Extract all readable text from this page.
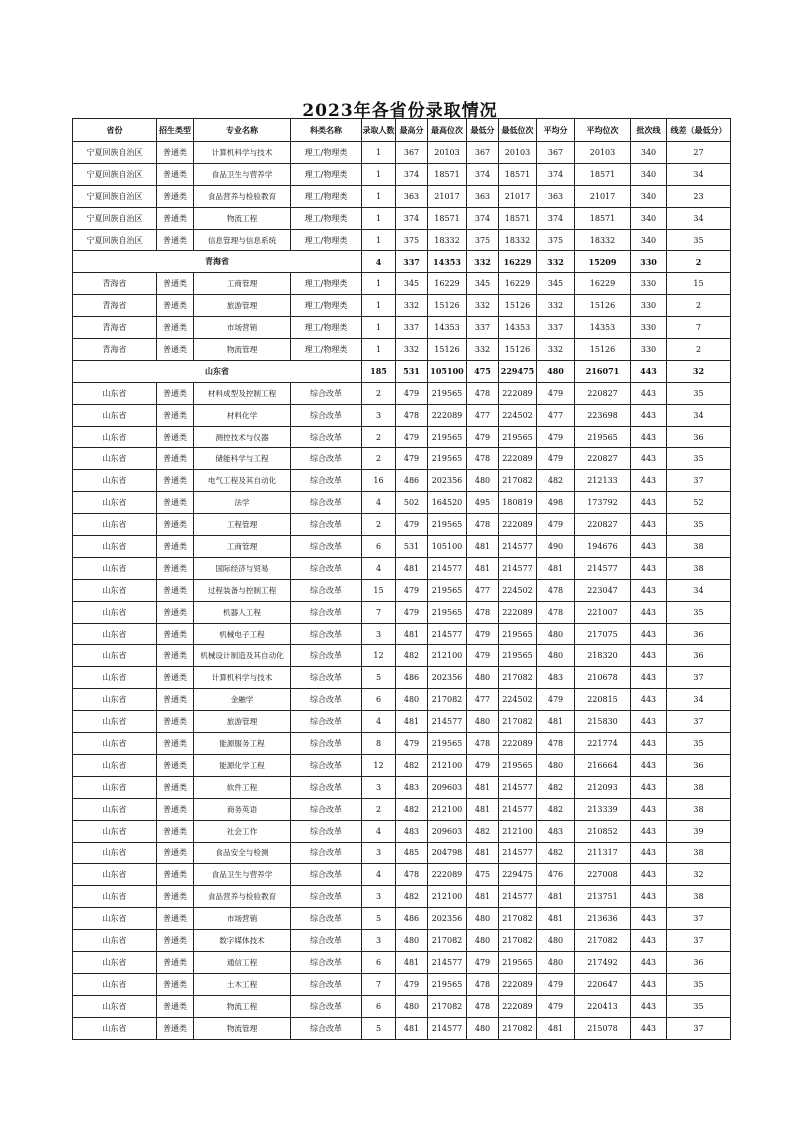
2023年各省份录取情况
省份	招生类型	专业名称	科类名称	录取人数	最高分	最高位次	最低分	最低位次	平均分	平均位次	批次线	线差（最低分）
宁夏回族自治区	普通类	计算机科学与技术	理工/物理类	1	367	20103	367	20103	367	20103	340	27
宁夏回族自治区	普通类	食品卫生与营养学	理工/物理类	1	374	18571	374	18571	374	18571	340	34
宁夏回族自治区	普通类	食品营养与检验教育	理工/物理类	1	363	21017	363	21017	363	21017	340	23
宁夏回族自治区	普通类	物流工程	理工/物理类	1	374	18571	374	18571	374	18571	340	34
宁夏回族自治区	普通类	信息管理与信息系统	理工/物理类	1	375	18332	375	18332	375	18332	340	35
青海省				4	337	14353	332	16229	332	15209	330	2
青海省	普通类	工商管理	理工/物理类	1	345	16229	345	16229	345	16229	330	15
青海省	普通类	旅游管理	理工/物理类	1	332	15126	332	15126	332	15126	330	2
青海省	普通类	市场营销	理工/物理类	1	337	14353	337	14353	337	14353	330	7
青海省	普通类	物流管理	理工/物理类	1	332	15126	332	15126	332	15126	330	2
山东省				185	531	105100	475	229475	480	216071	443	32
山东省	普通类	材料成型及控制工程	综合改革	2	479	219565	478	222089	479	220827	443	35
山东省	普通类	材料化学	综合改革	3	478	222089	477	224502	477	223698	443	34
山东省	普通类	测控技术与仪器	综合改革	2	479	219565	479	219565	479	219565	443	36
山东省	普通类	储能科学与工程	综合改革	2	479	219565	478	222089	479	220827	443	35
山东省	普通类	电气工程及其自动化	综合改革	16	486	202356	480	217082	482	212133	443	37
山东省	普通类	法学	综合改革	4	502	164520	495	180819	498	173792	443	52
山东省	普通类	工程管理	综合改革	2	479	219565	478	222089	479	220827	443	35
山东省	普通类	工商管理	综合改革	6	531	105100	481	214577	490	194676	443	38
山东省	普通类	国际经济与贸易	综合改革	4	481	214577	481	214577	481	214577	443	38
山东省	普通类	过程装备与控制工程	综合改革	15	479	219565	477	224502	478	223047	443	34
山东省	普通类	机器人工程	综合改革	7	479	219565	478	222089	478	221007	443	35
山东省	普通类	机械电子工程	综合改革	3	481	214577	479	219565	480	217075	443	36
山东省	普通类	机械设计制造及其自动化	综合改革	12	482	212100	479	219565	480	218320	443	36
山东省	普通类	计算机科学与技术	综合改革	5	486	202356	480	217082	483	210678	443	37
山东省	普通类	金融学	综合改革	6	480	217082	477	224502	479	220815	443	34
山东省	普通类	旅游管理	综合改革	4	481	214577	480	217082	481	215830	443	37
山东省	普通类	能源服务工程	综合改革	8	479	219565	478	222089	478	221774	443	35
山东省	普通类	能源化学工程	综合改革	12	482	212100	479	219565	480	216664	443	36
山东省	普通类	软件工程	综合改革	3	483	209603	481	214577	482	212093	443	38
山东省	普通类	商务英语	综合改革	2	482	212100	481	214577	482	213339	443	38
山东省	普通类	社会工作	综合改革	4	483	209603	482	212100	483	210852	443	39
山东省	普通类	食品安全与检测	综合改革	3	485	204798	481	214577	482	211317	443	38
山东省	普通类	食品卫生与营养学	综合改革	4	478	222089	475	229475	476	227008	443	32
山东省	普通类	食品营养与检验教育	综合改革	3	482	212100	481	214577	481	213751	443	38
山东省	普通类	市场营销	综合改革	5	486	202356	480	217082	481	213636	443	37
山东省	普通类	数字媒体技术	综合改革	3	480	217082	480	217082	480	217082	443	37
山东省	普通类	通信工程	综合改革	6	481	214577	479	219565	480	217492	443	36
山东省	普通类	土木工程	综合改革	7	479	219565	478	222089	479	220647	443	35
山东省	普通类	物流工程	综合改革	6	480	217082	478	222089	479	220413	443	35
山东省	普通类	物流管理	综合改革	5	481	214577	480	217082	481	215078	443	37
